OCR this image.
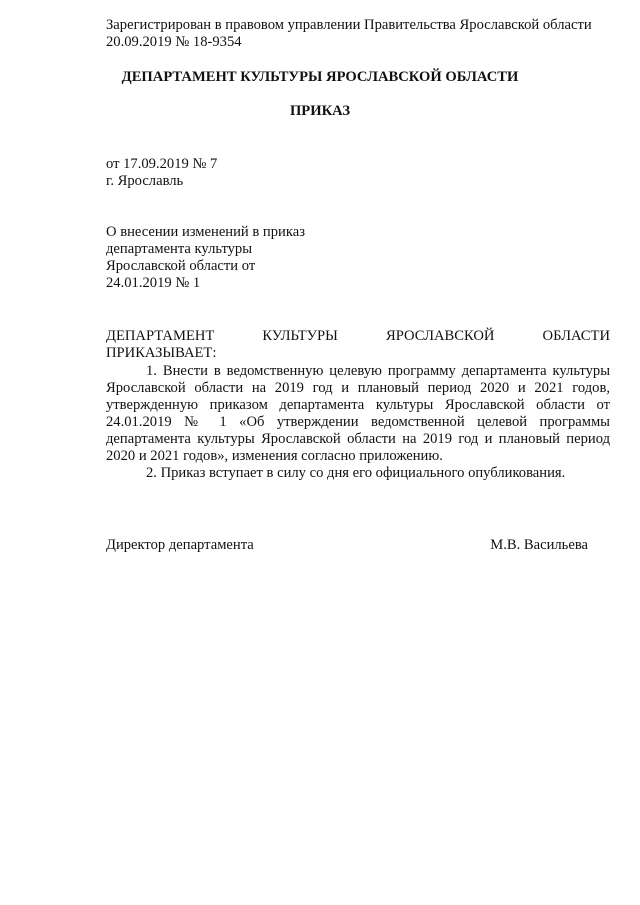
Зарегистрирован в правовом управлении Правительства Ярославской области
20.09.2019 № 18-9354
ДЕПАРТАМЕНТ КУЛЬТУРЫ ЯРОСЛАВСКОЙ ОБЛАСТИ
ПРИКАЗ
от 17.09.2019 № 7
г. Ярославль
О внесении изменений в приказ
департамента культуры
Ярославской области от
24.01.2019 № 1
ДЕПАРТАМЕНТ КУЛЬТУРЫ ЯРОСЛАВСКОЙ ОБЛАСТИ
ПРИКАЗЫВАЕТ:

1. Внести в ведомственную целевую программу департамента культуры Ярославской области на 2019 год и плановый период 2020 и 2021 годов, утвержденную приказом департамента культуры Ярославской области от 24.01.2019 № 1 «Об утверждении ведомственной целевой программы департамента культуры Ярославской области на 2019 год и плановый период 2020 и 2021 годов», изменения согласно приложению.

2. Приказ вступает в силу со дня его официального опубликования.

Директор департамента	М.В. Васильева
